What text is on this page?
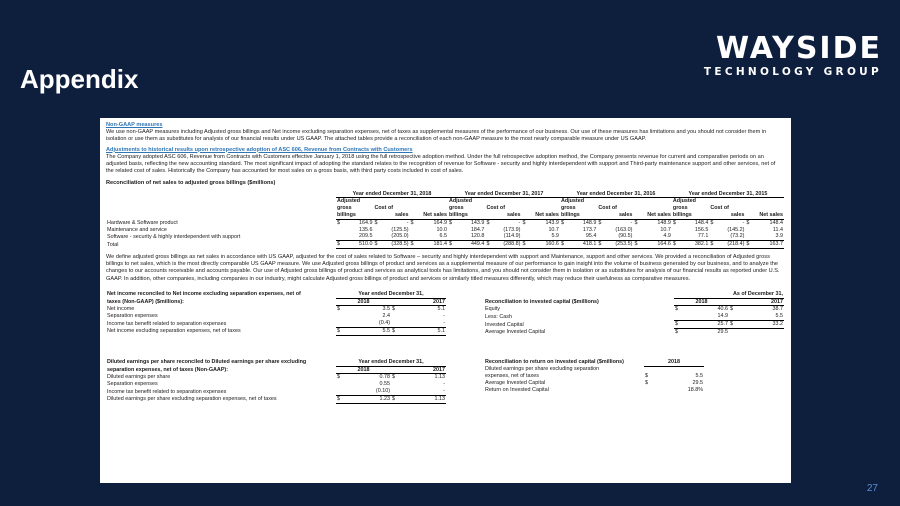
Appendix
WAYSIDE
TECHNOLOGY GROUP
Non-GAAP measures

We use non-GAAP measures including Adjusted gross billings and Net income excluding separation expenses, net of taxes as supplemental measures of the performance of our business. Our use of these measures has limitations and you should not consider them in isolation or use them as substitutes for analysis of our financial results under US GAAP. The attached tables provide a reconciliation of each non-GAAP measure to the most nearly comparable measure under US GAAP.

Adjustments to historical results upon retrospective adoption of ASC 606, Revenue from Contracts with Customers

The Company adopted ASC 606, Revenue from Contracts with Customers effective January 1, 2018 using the full retrospective adoption method. Under the full retrospective adoption method, the Company presents revenue for current and comparative periods on an adjusted basis, reflecting the new accounting standard. The most significant impact of adopting the standard relates to the recognition of revenue for Software - security and highly interdependent with support and Third-party maintenance support and other services, net of the related cost of sales. Historically the Company has accounted for most sales on a gross basis, with third party costs included in cost of sales.

Reconciliation of net sales to adjusted gross billings ($millions)
	Year ended December 31, 2018						Year ended December 31, 2017						Year ended December 31, 2016						Year ended December 31, 2015					
	Adjusted						Adjusted						Adjusted						Adjusted					
	gross		Cost of				gross		Cost of				gross		Cost of				gross		Cost of			
	billings		sales		Net sales		billings		sales		Net sales		billings		sales		Net sales		billings		sales		Net sales	
Hardware & Software product	$	164.9	$	-	$	164.9	$	143.9	$	-	$	143.9	$	148.9	$	-	$	148.9	$	148.4	$	-	$	148.4
Maintenance and service		135.6		(125.5)		10.0		184.7		(173.9)		10.7		173.7		(163.0)		10.7		156.5		(145.2)		11.4
Software - security & highly interdependent with support		209.5		(205.0)		6.5		120.8		(114.9)		5.9		95.4		(90.5)		4.9		77.1		(73.2)		3.9
Total	$	510.0	$	(328.5)	$	181.4	$	449.4	$	(288.8)	$	160.6	$	418.1	$	(253.5)	$	164.6	$	382.1	$	(218.4)	$	163.7

We define adjusted gross billings as net sales in accordance with US GAAP, adjusted for the cost of sales related to Software – security and highly interdependent with support and Maintenance, support and other services. We provided a reconciliation of Adjusted gross billings to net sales, which is the most directly comparable US GAAP measure. We use Adjusted gross billings of product and services as a supplemental measure of our performance to gain insight into the volume of business generated by our business, and to analyze the changes to our accounts receivable and accounts payable. Our use of Adjusted gross billings of product and services as analytical tools has limitations, and you should not consider them in isolation or as substitutes for analysis of our financial results as reported under U.S. GAAP. In addition, other companies, including companies in our industry, might calculate Adjusted gross billings of product and services or similarly titled measures differently, which may reduce their usefulness as comparative measures.

Net income reconciled to Net income excluding separation expenses, net of	Year ended December 31,			
taxes (Non-GAAP) ($millions):	2018		2017	
Net income	$	3.5	$	5.1
Separation expenses		2.4		-
Income tax benefit related to separation expenses		(0.4)		-
Net income excluding separation expenses, net of taxes	$	5.5	$	5.1
	As of December 31,			
Reconciliation to invested capital ($millions)	2018		2017	
Equity	$	40.6	$	38.7
Less: Cash		14.9		5.5
Invested Capital	$	25.7	$	33.2
Average Invested Capital	$	29.5		
Diluted earnings per share reconciled to Diluted earnings per share excluding	Year ended December 31,			
separation expenses, net of taxes (Non-GAAP):	2018		2017	
Diluted earnings per share	$	0.78	$	1.13
Separation expenses		0.55		-
Income tax benefit related to separation expenses		(0.10)		-
Diluted earnings per share excluding separation expenses, net of taxes	$	1.23	$	1.13
Reconciliation to return on invested capital ($millions)	2018	
Diluted earnings per share excluding separation		
expenses, net of taxes	$	5.5
Average Invested Capital	$	29.5
Return on Invested Capital		18.8%
27
